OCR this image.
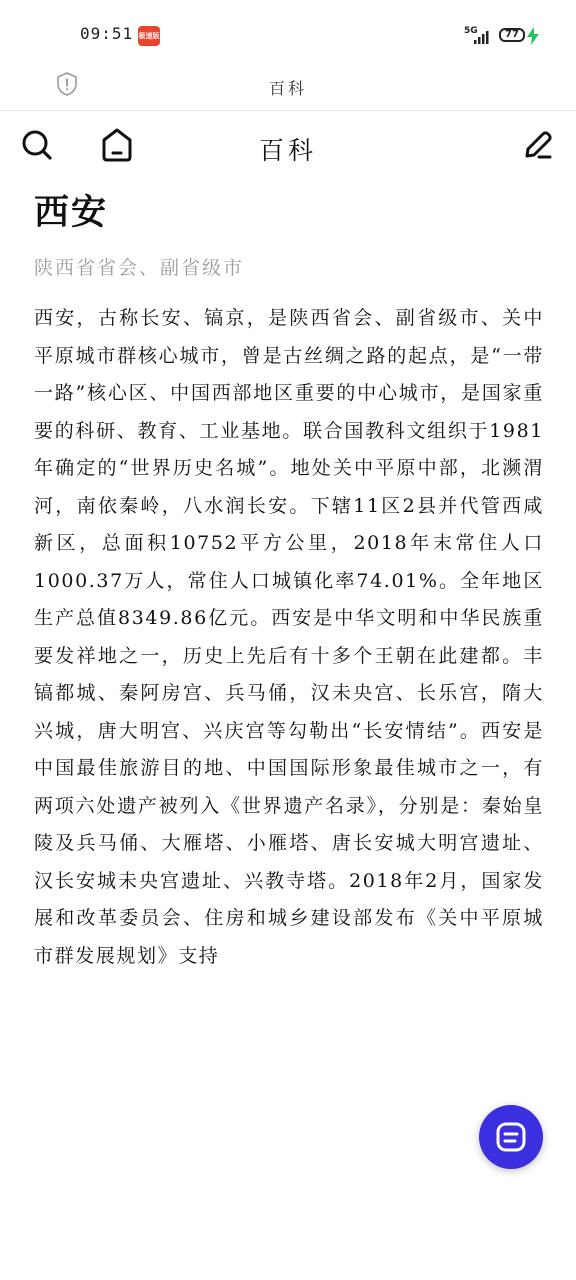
09:51 极速版	5G	77
百科
百科
西安
陕西省省会、副省级市
西安，古称长安、镐京，是陕西省会、副省级市、关中平原城市群核心城市，曾是古丝绸之路的起点，是“一带一路”核心区、中国西部地区重要的中心城市，是国家重要的科研、教育、工业基地。联合国教科文组织于1981年确定的“世界历史名城”。地处关中平原中部，北濒渭河，南依秦岭，八水润长安。下辖11区2县并代管西咸新区，总面积10752平方公里，2018年末常住人口1000.37万人，常住人口城镇化率74.01%。全年地区生产总值8349.86亿元。西安是中华文明和中华民族重要发祥地之一，历史上先后有十多个王朝在此建都。丰镐都城、秦阿房宫、兵马俑，汉未央宫、长乐宫，隋大兴城，唐大明宫、兴庆宫等勾勒出“长安情结”。西安是中国最佳旅游目的地、中国国际形象最佳城市之一，有两项六处遗产被列入《世界遗产名录》，分别是：秦始皇陵及兵马俑、大雁塔、小雁塔、唐长安城大明宫遗址、汉长安城未央宫遗址、兴教寺塔。2018年2月，国家发展和改革委员会、住房和城乡建设部发布《关中平原城市群发展规划》支持
